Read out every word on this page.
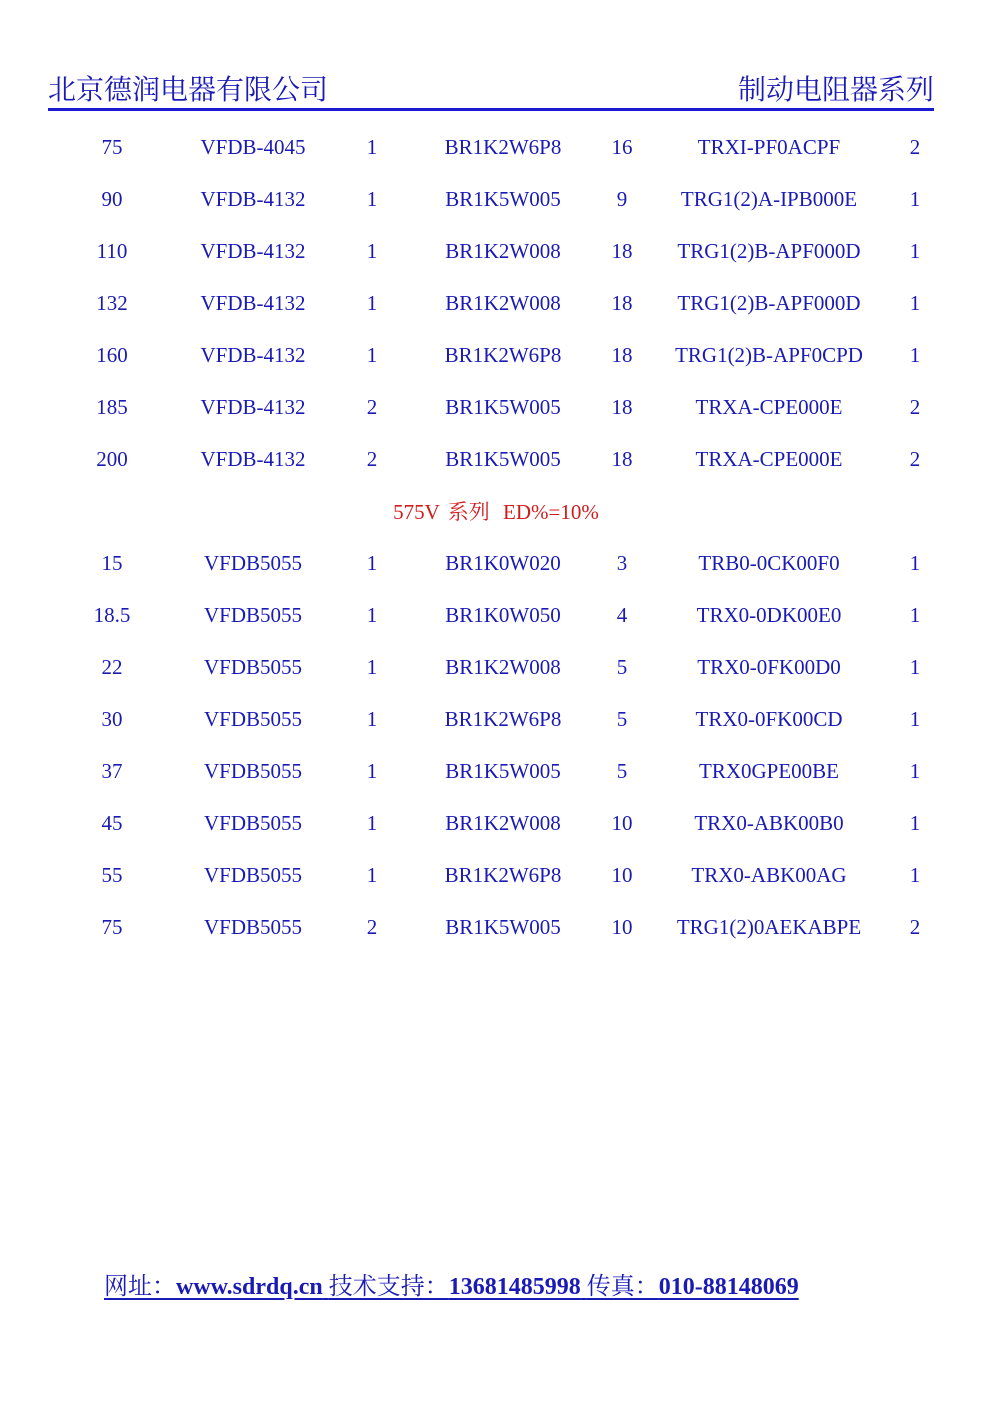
北京德润电器有限公司	制动电阻器系列
75	VFDB-4045	1	BR1K2W6P8 16	TRXI-PF0ACPF	2
90	VFDB-4132	1	BR1K5W005	9	TRG1(2)A-IPB000E	1
110	VFDB-4132	1	BR1K2W008 18 TRG1(2)B-APF000D 1
132	VFDB-4132	1	BR1K2W008 18 TRG1(2)B-APF000D 1
160	VFDB-4132	1	BR1K2W6P8 18 TRG1(2)B-APF0CPD 1
185	VFDB-4132	2	BR1K5W005 18	TRXA-CPE000E	2
200	VFDB-4132	2	BR1K5W005 18	TRXA-CPE000E	2
575V 系列 ED%=10%
15	VFDB5055	1	BR1K0W020	3	TRB0-0CK00F0	1
18.5	VFDB5055	1	BR1K0W050	4	TRX0-0DK00E0	1
22	VFDB5055	1	BR1K2W008	5	TRX0-0FK00D0	1
30	VFDB5055	1	BR1K2W6P8	5	TRX0-0FK00CD	1
37	VFDB5055	1	BR1K5W005	5	TRX0GPE00BE	1
45	VFDB5055	1	BR1K2W008 10	TRX0-ABK00B0	1
55	VFDB5055	1	BR1K2W6P8 10	TRX0-ABK00AG	1
75	VFDB5055	2	BR1K5W005 10 TRG1(2)0AEKABPE 2
网址：www.sdrdq.cn 技术支持：13681485998 传真：010-88148069
